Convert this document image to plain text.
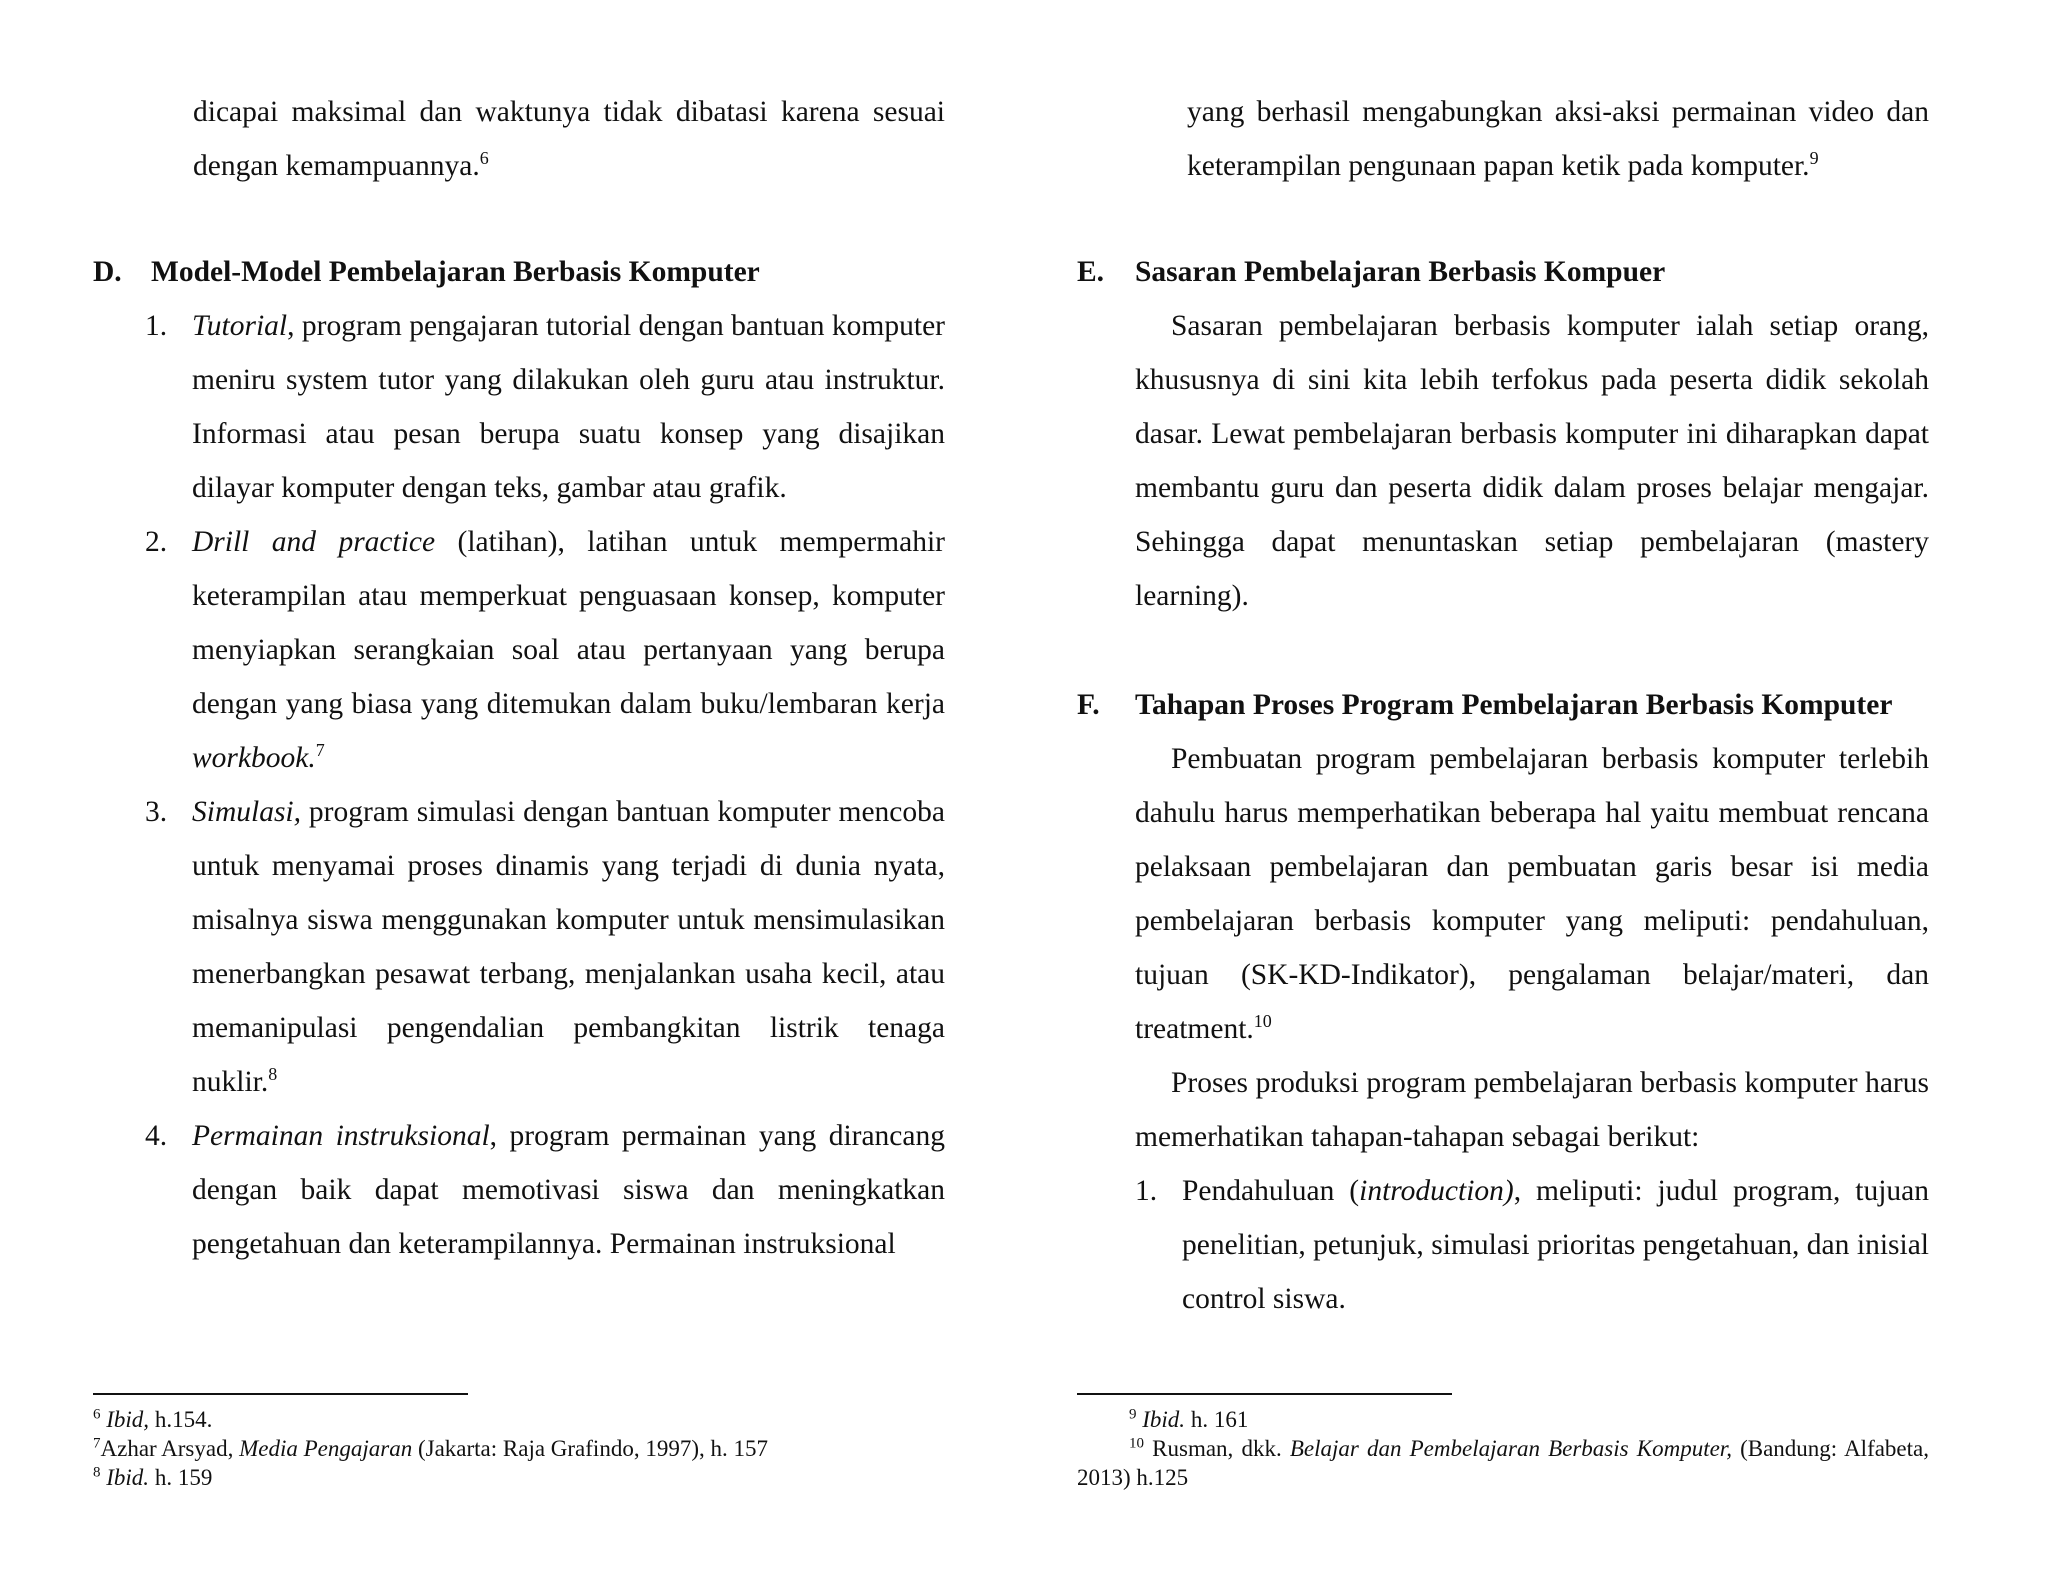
dicapai maksimal dan waktunya tidak dibatasi karena sesuai dengan kemampuannya.$^6$

D. Model-Model Pembelajaran Berbasis Komputer
1. Tutorial, program pengajaran tutorial dengan bantuan komputer meniru system tutor yang dilakukan oleh guru atau instruktur. Informasi atau pesan berupa suatu konsep yang disajikan dilayar komputer dengan teks, gambar atau grafik.
2. Drill and practice (latihan), latihan untuk mempermahir keterampilan atau memperkuat penguasaan konsep, komputer menyiapkan serangkaian soal atau pertanyaan yang berupa dengan yang biasa yang ditemukan dalam buku/lembaran kerja workbook.$^7$
3. Simulasi, program simulasi dengan bantuan komputer mencoba untuk menyamai proses dinamis yang terjadi di dunia nyata, misalnya siswa menggunakan komputer untuk mensimulasikan menerbangkan pesawat terbang, menjalankan usaha kecil, atau memanipulasi pengendalian pembangkitan listrik tenaga nuklir.$^8$
4. Permainan instruksional, program permainan yang dirancang dengan baik dapat memotivasi siswa dan meningkatkan pengetahuan dan keterampilannya. Permainan instruksional

$^6$ Ibid, h.154.

$^7$Azhar Arsyad, Media Pengajaran (Jakarta: Raja Grafindo, 1997), h. 157

$^8$ Ibid. h. 159

yang berhasil mengabungkan aksi-aksi permainan video dan keterampilan pengunaan papan ketik pada komputer.$^9$

E.	Sasaran Pembelajaran Berbasis Kompuer

Sasaran pembelajaran berbasis komputer ialah setiap orang, khususnya di sini kita lebih terfokus pada peserta didik sekolah dasar. Lewat pembelajaran berbasis komputer ini diharapkan dapat membantu guru dan peserta didik dalam proses belajar mengajar. Sehingga dapat menuntaskan setiap pembelajaran (mastery learning).

F.	Tahapan Proses Program Pembelajaran Berbasis Komputer

Pembuatan program pembelajaran berbasis komputer terlebih dahulu harus memperhatikan beberapa hal yaitu membuat rencana pelaksaan pembelajaran dan pembuatan garis besar isi media pembelajaran berbasis komputer yang meliputi: pendahuluan, tujuan (SK-KD-Indikator), pengalaman belajar/materi, dan treatment.$^{10}$

Proses produksi program pembelajaran berbasis komputer harus memerhatikan tahapan-tahapan sebagai berikut:

1. Pendahuluan (introduction), meliputi: judul program, tujuan penelitian, petunjuk, simulasi prioritas pengetahuan, dan inisial control siswa.

$^9$ Ibid. h. 161

$^{10}$ Rusman, dkk. Belajar dan Pembelajaran Berbasis Komputer, (Bandung: Alfabeta, 2013) h.125
